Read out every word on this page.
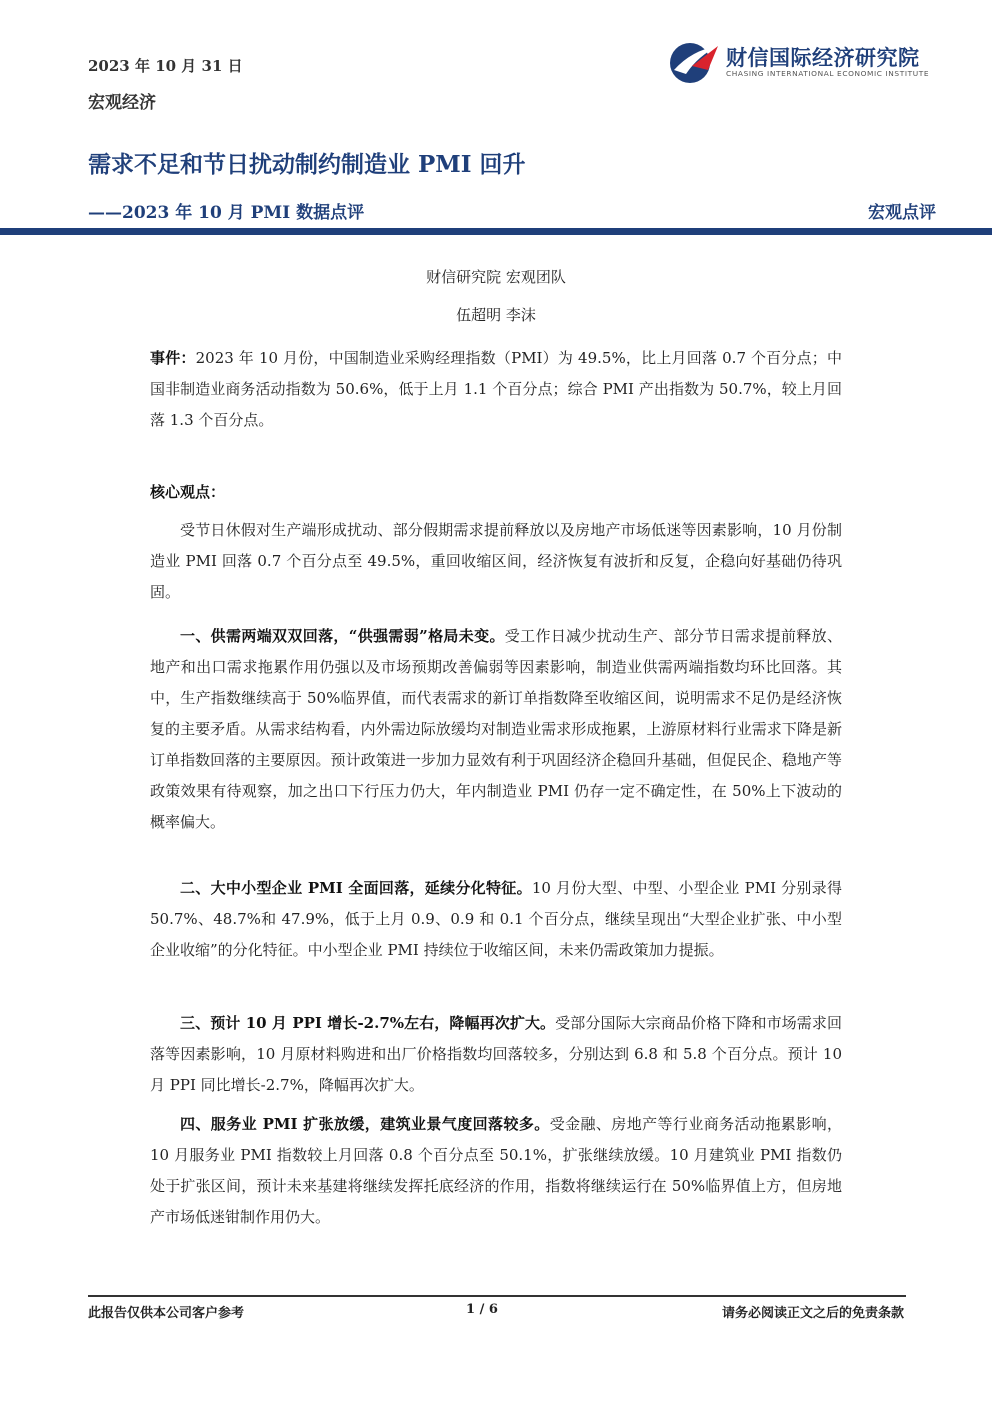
2023 年 10 月 31 日
宏观经济
财信国际经济研究院
CHASING INTERNATIONAL ECONOMIC INSTITUTE
需求不足和节日扰动制约制造业 PMI 回升
——2023 年 10 月 PMI 数据点评	宏观点评
财信研究院 宏观团队
伍超明 李沫
事件：2023 年 10 月份，中国制造业采购经理指数（PMI）为 49.5%，比上月回落 0.7 个百分点；中国非制造业商务活动指数为 50.6%，低于上月 1.1 个百分点；综合 PMI 产出指数为 50.7%，较上月回落 1.3 个百分点。
核心观点：
受节日休假对生产端形成扰动、部分假期需求提前释放以及房地产市场低迷等因素影响，10 月份制造业 PMI 回落 0.7 个百分点至 49.5%，重回收缩区间，经济恢复有波折和反复，企稳向好基础仍待巩固。
一、供需两端双双回落，“供强需弱”格局未变。受工作日减少扰动生产、部分节日需求提前释放、地产和出口需求拖累作用仍强以及市场预期改善偏弱等因素影响，制造业供需两端指数均环比回落。其中，生产指数继续高于 50%临界值，而代表需求的新订单指数降至收缩区间，说明需求不足仍是经济恢复的主要矛盾。从需求结构看，内外需边际放缓均对制造业需求形成拖累，上游原材料行业需求下降是新订单指数回落的主要原因。预计政策进一步加力显效有利于巩固经济企稳回升基础，但促民企、稳地产等政策效果有待观察，加之出口下行压力仍大，年内制造业 PMI 仍存一定不确定性，在 50%上下波动的概率偏大。
二、大中小型企业 PMI 全面回落，延续分化特征。10 月份大型、中型、小型企业 PMI 分别录得 50.7%、48.7%和 47.9%，低于上月 0.9、0.9 和 0.1 个百分点，继续呈现出“大型企业扩张、中小型企业收缩”的分化特征。中小型企业 PMI 持续位于收缩区间，未来仍需政策加力提振。
三、预计 10 月 PPI 增长-2.7%左右，降幅再次扩大。受部分国际大宗商品价格下降和市场需求回落等因素影响，10 月原材料购进和出厂价格指数均回落较多，分别达到 6.8 和 5.8 个百分点。预计 10 月 PPI 同比增长-2.7%，降幅再次扩大。
四、服务业 PMI 扩张放缓，建筑业景气度回落较多。受金融、房地产等行业商务活动拖累影响，10 月服务业 PMI 指数较上月回落 0.8 个百分点至 50.1%，扩张继续放缓。10 月建筑业 PMI 指数仍处于扩张区间，预计未来基建将继续发挥托底经济的作用，指数将继续运行在 50%临界值上方，但房地产市场低迷钳制作用仍大。
此报告仅供本公司客户参考	1 / 6	请务必阅读正文之后的免责条款
